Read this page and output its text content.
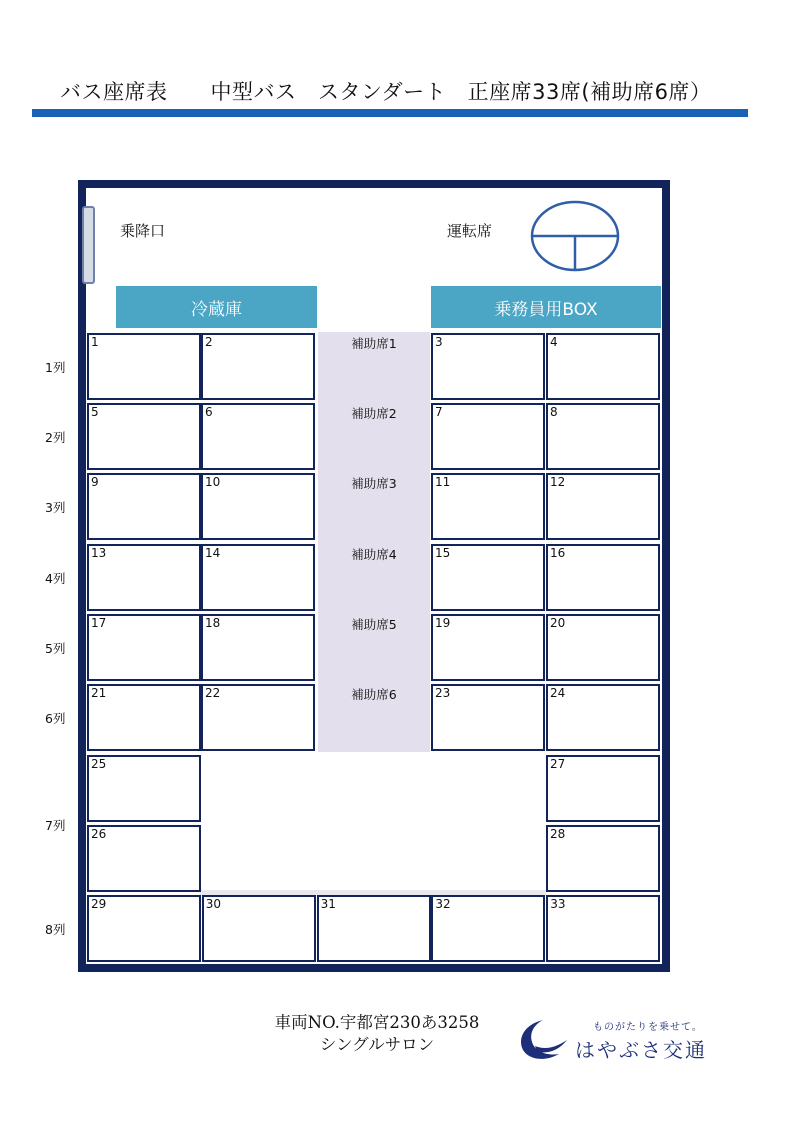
バス座席表　　中型バス　スタンダート　正座席33席(補助席6席）
乗降口	運転席
冷蔵庫	乗務員用BOX
1	2	3	4
補助席1
1列
5	6	7	8
補助席2
2列
9	10	11	12
補助席3
3列
13	14	15	16
補助席4
4列
17	18	19	20
補助席5
5列
21	22	23	24
補助席6
6列
25
26
27
28
7列
29	30	31	32	33
8列
車両NO.宇都宮230あ3258
シングルサロン
ものがたりを乗せて。
はやぶさ交通
